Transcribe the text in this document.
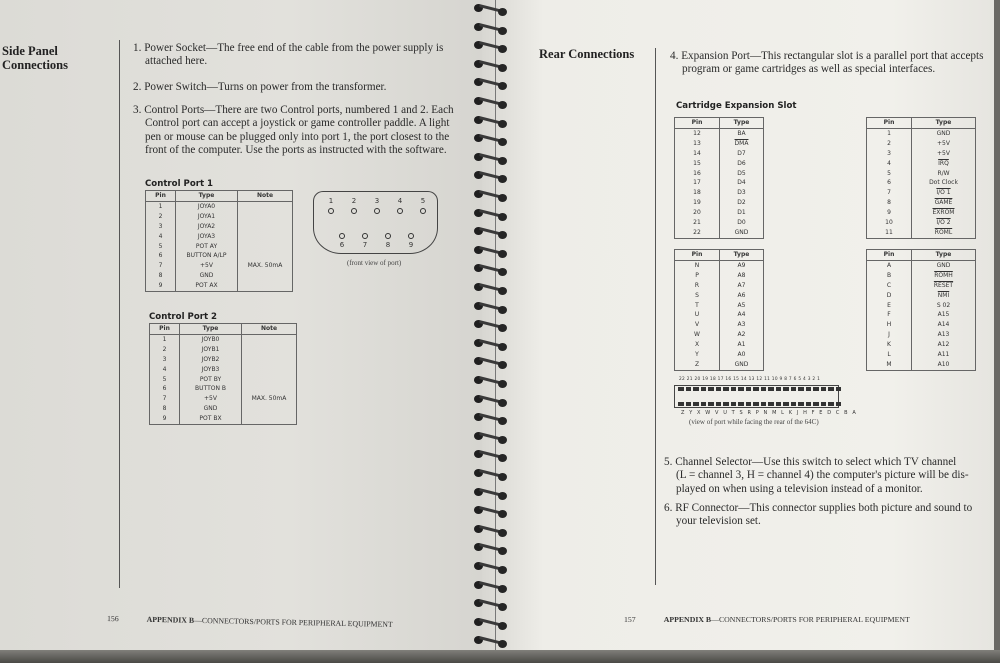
Side Panel
Connections
1. Power Socket—The free end of the cable from the power supply is
attached here.
2. Power Switch—Turns on power from the transformer.
3. Control Ports—There are two Control ports, numbered 1 and 2. Each
Control port can accept a joystick or game controller paddle. A light
pen or mouse can be plugged only into port 1, the port closest to the
front of the computer. Use the ports as instructed with the software.
Control Port 1
Pin	Type	Note
1	JOYA0	
2	JOYA1	
3	JOYA2	
4	JOYA3	
5	POT AY	
6	BUTTON A/LP	
7	+5V	MAX. 50mA
8	GND	
9	POT AX	
(front view of port)
Control Port 2
Pin	Type	Note
1	JOYB0	
2	JOYB1	
3	JOYB2	
4	JOYB3	
5	POT BY	
6	BUTTON B	
7	+5V	MAX. 50mA
8	GND	
9	POT BX	
156	APPENDIX B—CONNECTORS/PORTS FOR PERIPHERAL EQUIPMENT
1	2	3	4	5
6	7	8	9
Rear Connections	4. Expansion Port—This rectangular slot is a parallel port that accepts
program or game cartridges as well as special interfaces.
Cartridge Expansion Slot
Pin	Type
12	BA
13	$\overline{DMA}$
14	D7
15	D6
16	D5
17	D4
18	D3
19	D2
20	D1
21	D0
22	GND
Pin	Type
1	GND
2	+5V
3	+5V
4	$\overline{IRQ}$
5	R/W
6	Dot Clock
7	I/O 1
8	GAME
9	EXROM
10	I/O 2
11	ROML
Pin	Type
N	A9
P	A8
R	A7
S	A6
T	A5
U	A4
V	A3
W	A2
X	A1
Y	A0
Z	GND
Pin	Type
A	GND
B	ROMH
C	RESET
D	$\overline{NMI}$
E	S 02
F	A15
H	A14
J	A13
K	A12
L	A11
M	A10
22 21 20 19 18 17 16 15 14 13 12 11 10 9 8 7 6 5 4 3 2 1
Z Y X W V U T S R P N M L K J H F E D C B A
(view of port while facing the rear of the 64C)
5. Channel Selector—Use this switch to select which TV channel
(L = channel 3, H = channel 4) the computer's picture will be dis-
played on when using a television instead of a monitor.
6. RF Connector—This connector supplies both picture and sound to
your television set.
157	APPENDIX B—CONNECTORS/PORTS FOR PERIPHERAL EQUIPMENT
